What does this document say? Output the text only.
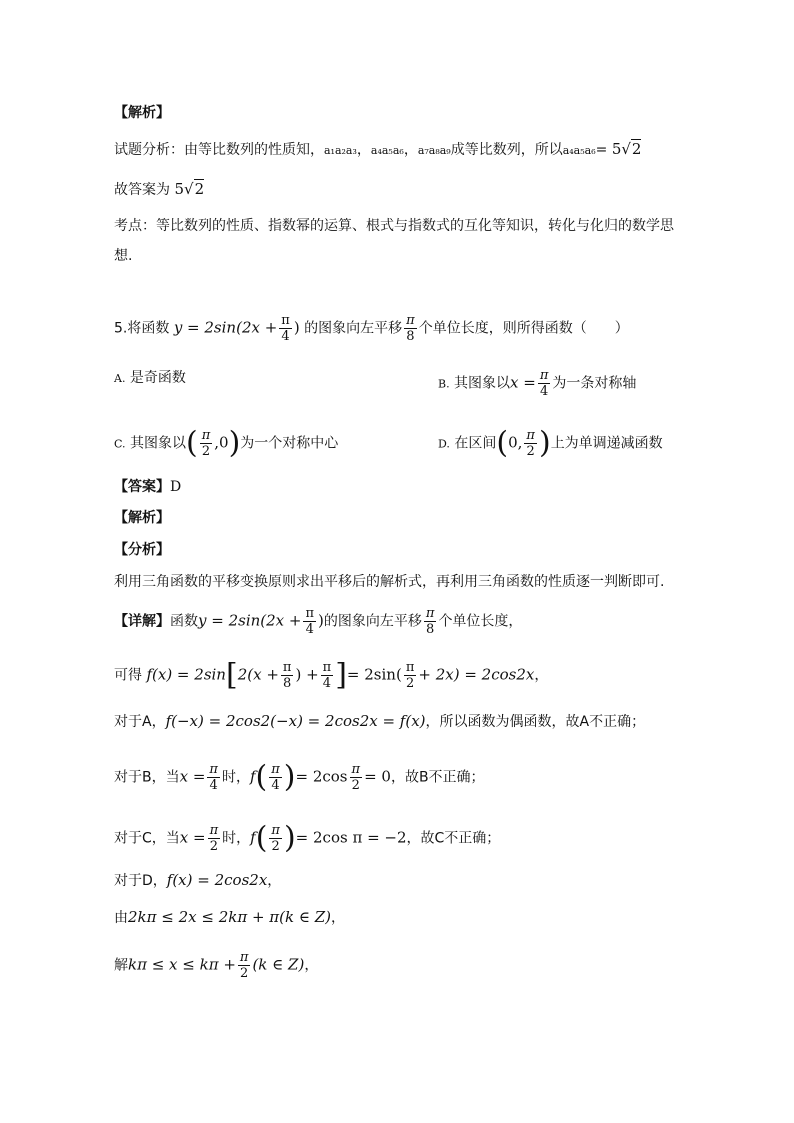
【解析】
试题分析：由等比数列的性质知，a₁a₂a₃，a₄a₅a₆，a₇a₈a₉成等比数列，所以a₄a₅a₆= 5√2
故答案为 5√2
考点：等比数列的性质、指数幂的运算、根式与指数式的互化等知识，转化与化归的数学思
想.
5.将函数 $y = 2\sin(2x + \frac{\pi}{4}$ ) 的图象向左平移 $\frac{\pi}{8}$ 个单位长度，则所得函数（　　）
A. 是奇函数	B. 其图象以$x = \frac{\pi}{4}$ 为一条对称轴
C. 其图象以( $\frac{\pi}{2} ,0$)为一个对称中心	D. 在区间(0, $\frac{\pi}{2}$ )上为单调递减函数
【答案】D
【解析】
【分析】
利用三角函数的平移变换原则求出平移后的解析式，再利用三角函数的性质逐一判断即可.
【详解】函数$y = 2\sin(2x + \frac{\pi}{4}$ )的图象向左平移 $\frac{\pi}{8}$ 个单位长度，
可得 $f(x) = 2\sin[2(x + \frac{\pi}{8}$ ) + $\frac{\pi}{4}$ ]= $2\sin( \frac{\pi}{2} + 2x) = 2\cos 2x$，
对于A，f(−x) = 2cos2(−x) = 2cos2x = f(x)，所以函数为偶函数，故A不正确；
对于B，当$x = \frac{\pi}{4}$ 时，$f( \frac{\pi}{4}$ )= $2\cos \frac{\pi}{2} = 0$，故B不正确；
对于C，当$x = \frac{\pi}{2}$ 时，$f( \frac{\pi}{2}$ )= 2cos π = −2，故C不正确；
对于D，f(x) = 2cos2x，
由2kπ ≤ 2x ≤ 2kπ + π(k ∈ Z)，
解$k\pi \le x \le k\pi + \frac{\pi}{2} (k$ ∈ Z)，
